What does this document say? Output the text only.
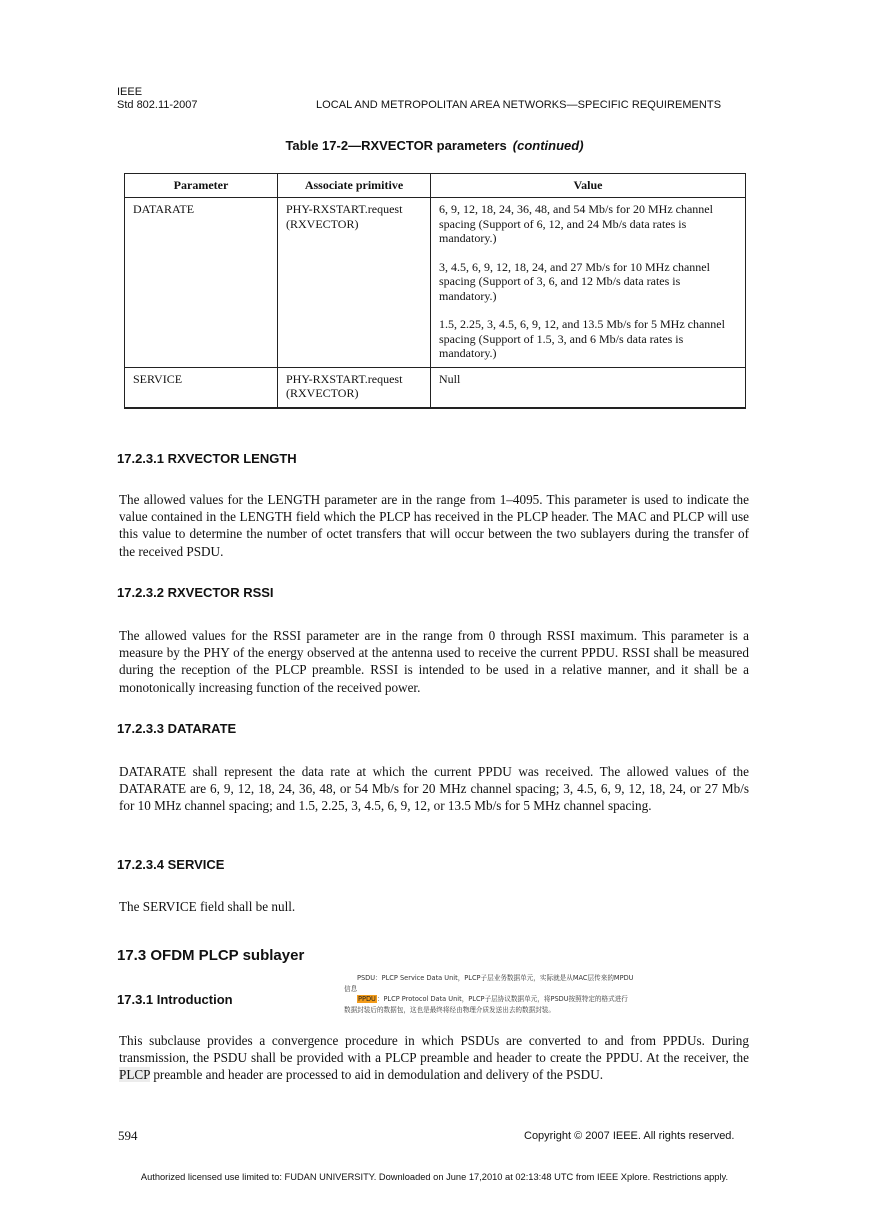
IEEE
Std 802.11-2007	LOCAL AND METROPOLITAN AREA NETWORKS—SPECIFIC REQUIREMENTS
Table 17-2—RXVECTOR parameters (continued)
Parameter	Associate primitive	Value
DATARATE	PHY-RXSTART.request (RXVECTOR)	6, 9, 12, 18, 24, 36, 48, and 54 Mb/s for 20 MHz channel spacing (Support of 6, 12, and 24 Mb/s data rates is mandatory.)

3, 4.5, 6, 9, 12, 18, 24, and 27 Mb/s for 10 MHz channel spacing (Support of 3, 6, and 12 Mb/s data rates is mandatory.)

1.5, 2.25, 3, 4.5, 6, 9, 12, and 13.5 Mb/s for 5 MHz channel spacing (Support of 1.5, 3, and 6 Mb/s data rates is mandatory.)

SERVICE	PHY-RXSTART.request (RXVECTOR)	Null

17.2.3.1 RXVECTOR LENGTH

The allowed values for the LENGTH parameter are in the range from 1–4095. This parameter is used to indicate the value contained in the LENGTH field which the PLCP has received in the PLCP header. The MAC and PLCP will use this value to determine the number of octet transfers that will occur between the two sublayers during the transfer of the received PSDU.

17.2.3.2 RXVECTOR RSSI

The allowed values for the RSSI parameter are in the range from 0 through RSSI maximum. This parameter is a measure by the PHY of the energy observed at the antenna used to receive the current PPDU. RSSI shall be measured during the reception of the PLCP preamble. RSSI is intended to be used in a relative manner, and it shall be a monotonically increasing function of the received power.

17.2.3.3 DATARATE

DATARATE shall represent the data rate at which the current PPDU was received. The allowed values of the DATARATE are 6, 9, 12, 18, 24, 36, 48, or 54 Mb/s for 20 MHz channel spacing; 3, 4.5, 6, 9, 12, 18, 24, or 27 Mb/s for 10 MHz channel spacing; and 1.5, 2.25, 3, 4.5, 6, 9, 12, or 13.5 Mb/s for 5 MHz channel spacing.

17.2.3.4 SERVICE

The SERVICE field shall be null.

17.3 OFDM PLCP sublayer
PSDU：PLCP Service Data Unit，PLCP子层业务数据单元，实际就是从MAC层传来的MPDU
信息
PPDU：PLCP Protocol Data Unit，PLCP子层协议数据单元，将PSDU按照特定的格式进行
数据封装后的数据包，这也是最终将经由物理介质发送出去的数据封装。
17.3.1 Introduction

This subclause provides a convergence procedure in which PSDUs are converted to and from PPDUs. During transmission, the PSDU shall be provided with a PLCP preamble and header to create the PPDU. At the receiver, the PLCP preamble and header are processed to aid in demodulation and delivery of the PSDU.

594	Copyright © 2007 IEEE. All rights reserved.
Authorized licensed use limited to: FUDAN UNIVERSITY. Downloaded on June 17,2010 at 02:13:48 UTC from IEEE Xplore. Restrictions apply.
